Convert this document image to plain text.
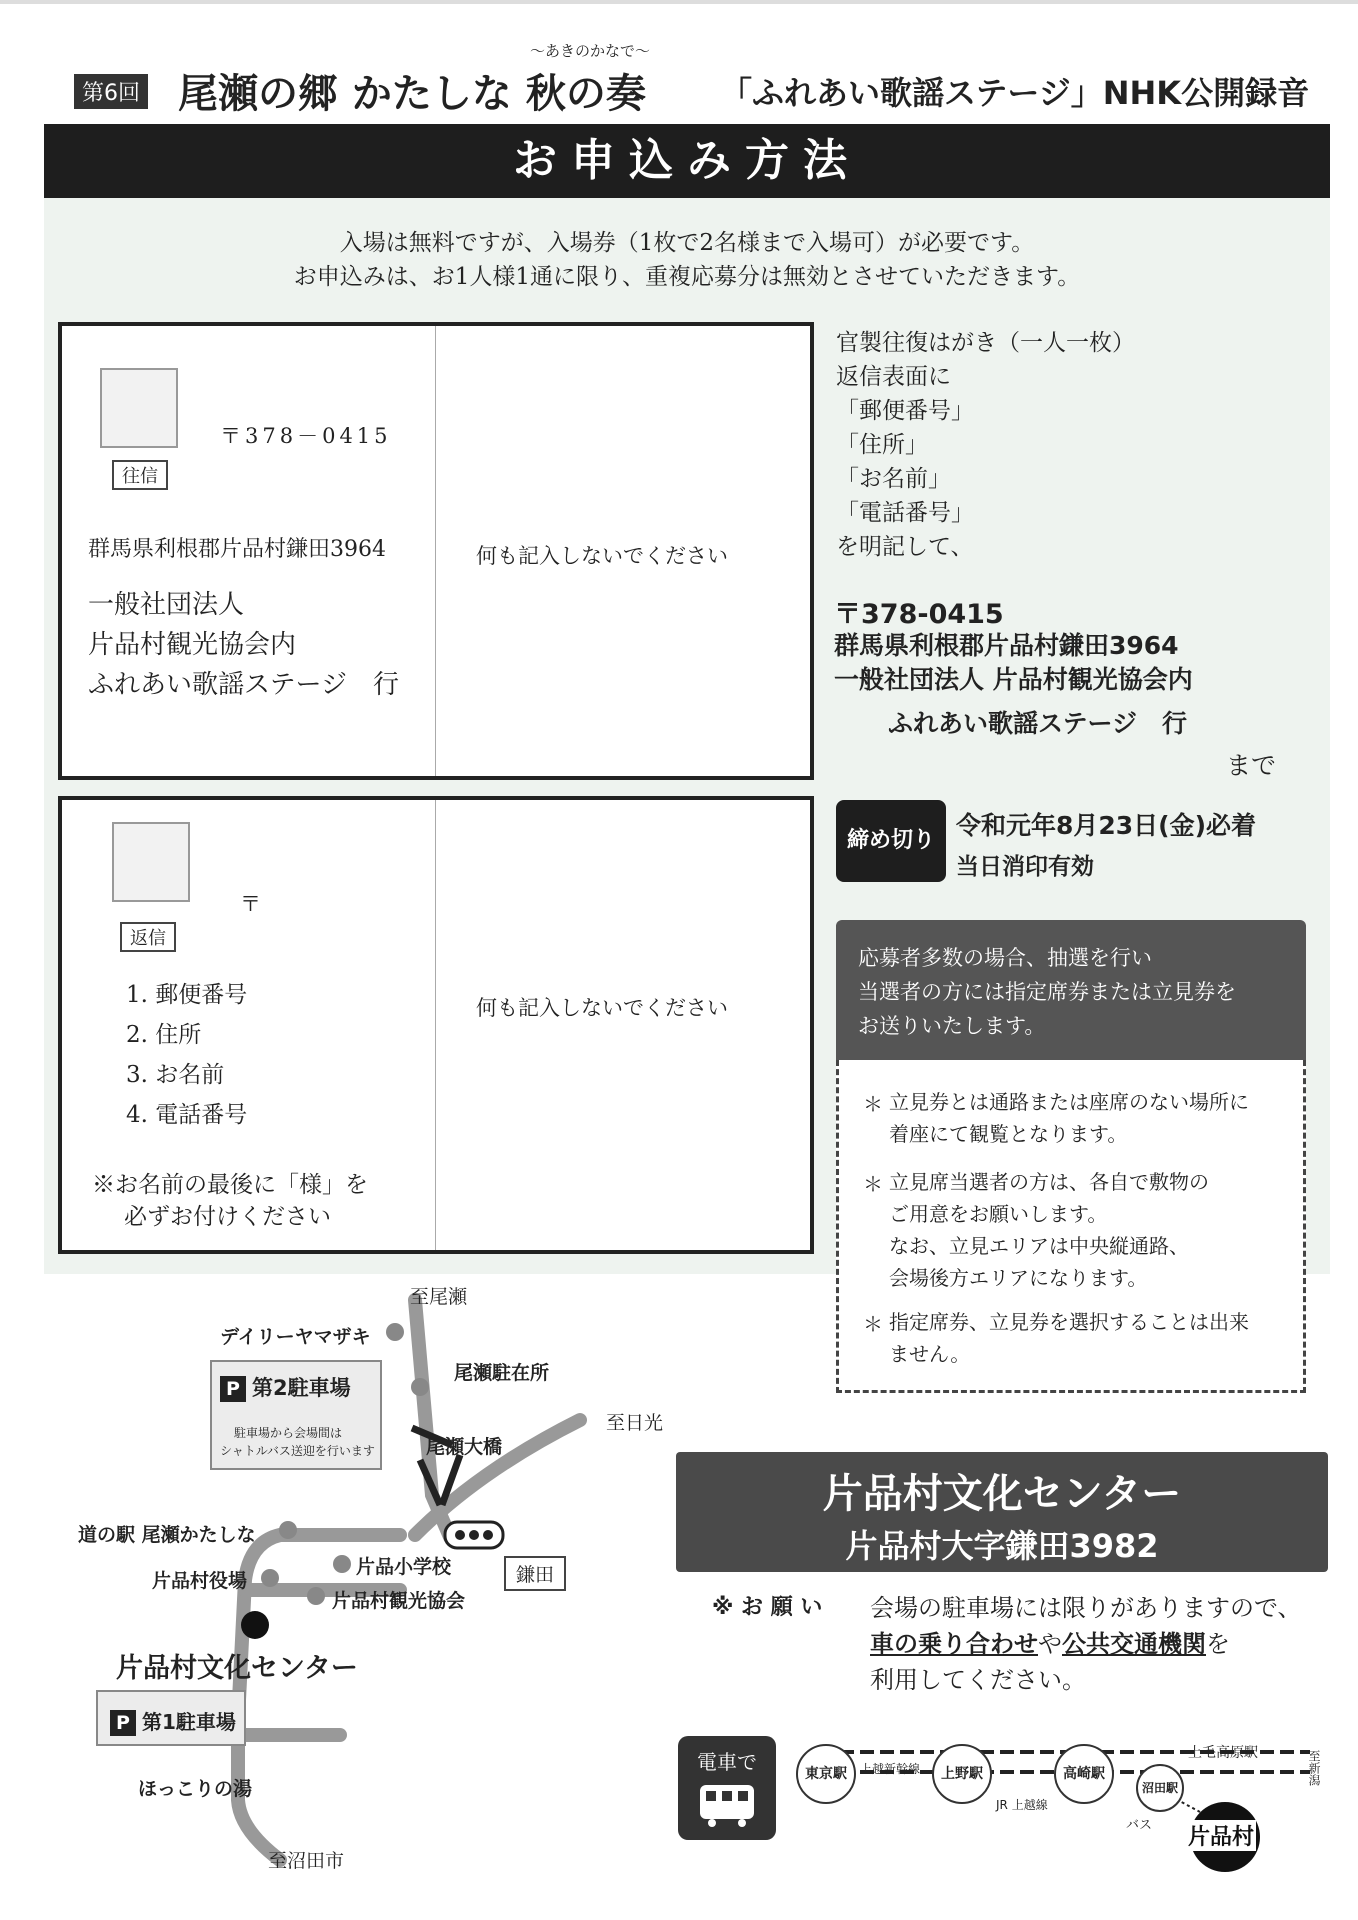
第6回
～あきのかなで～
尾瀬の郷 かたしな 秋の奏 「ふれあい歌謡ステージ」NHK公開録音
お申込み方法
入場は無料ですが、入場券（1枚で2名様まで入場可）が必要です。
お申込みは、お1人様1通に限り、重複応募分は無効とさせていただきます。
往信
〒378－0415
群馬県利根郡片品村鎌田3964
一般社団法人
片品村観光協会内
ふれあい歌謡ステージ　行
何も記入しないでください
返信
〒
1. 郵便番号
2. 住所
3. お名前
4. 電話番号
※お名前の最後に「様」を
必ずお付けください
何も記入しないでください
官製往復はがき（一人一枚）
返信表面に
「郵便番号」
「住所」
「お名前」
「電話番号」
を明記して、
〒378-0415
群馬県利根郡片品村鎌田3964
一般社団法人 片品村観光協会内
ふれあい歌謡ステージ　行
まで
締め切り
令和元年8月23日(金)必着
当日消印有効
応募者多数の場合、抽選を行い
当選者の方には指定席券または立見券を
お送りいたします。
＊ 立見券とは通路または座席のない場所に
着座にて観覧となります。
＊ 立見席当選者の方は、各自で敷物の
ご用意をお願いします。
なお、立見エリアは中央縦通路、
会場後方エリアになります。
＊ 指定席券、立見券を選択することは出来
ません。
片品村文化センター
片品村大字鎌田3982
※ お 願 い 会場の駐車場には限りがありますので、
車の乗り合わせや公共交通機関を
利用してください。
至尾瀬
至日光
至沼田市
デイリーヤマザキ
尾瀬駐在所
尾瀬大橋
P 第2駐車場
駐車場から会場間は
シャトルバス送迎を行います
道の駅 尾瀬かたしな
片品村役場
片品小学校
片品村観光協会
鎌田
片品村文化センター
P 第1駐車場
ほっこりの湯
電車で	東京駅	上越新幹線	上野駅
JR 上越線
高崎駅
沼田駅
上毛高原駅	至新潟
バス 片品村
